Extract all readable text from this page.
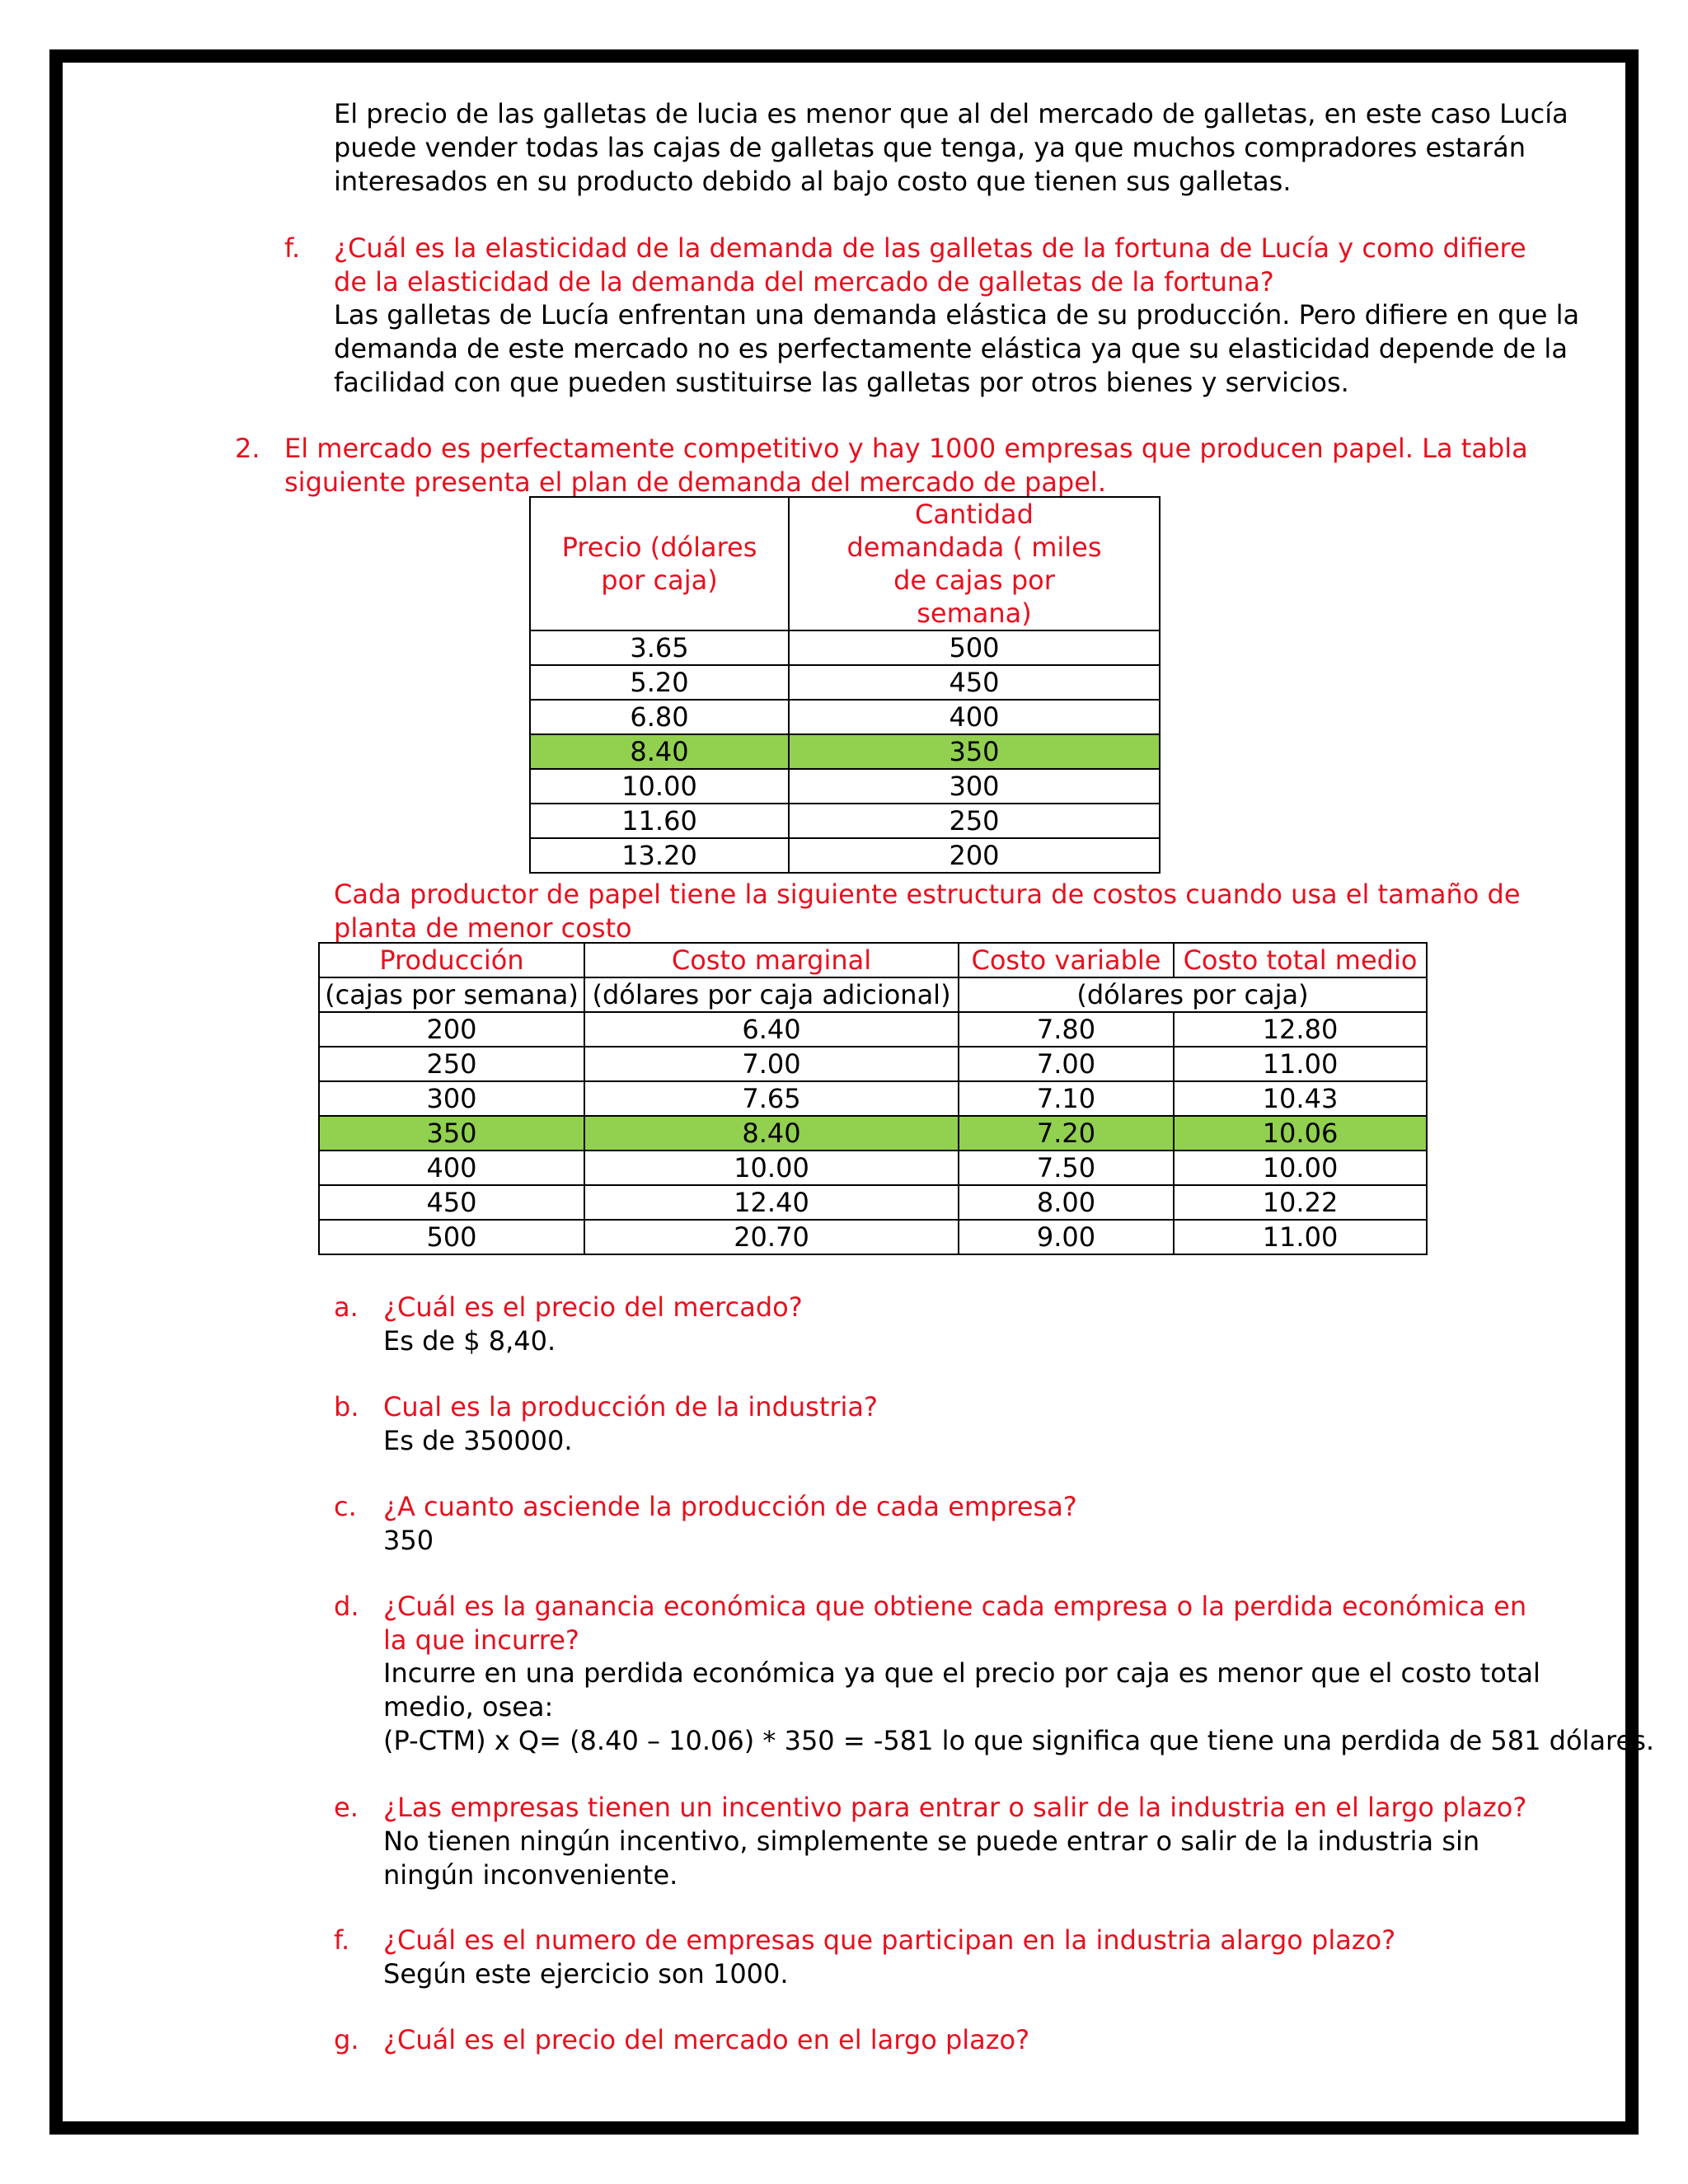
El precio de las galletas de lucia es menor que al del mercado de galletas, en este caso Lucía puede vender todas las cajas de galletas que tenga, ya que muchos compradores estarán interesados en su producto debido al bajo costo que tienen sus galletas.

f. ¿Cuál es la elasticidad de la demanda de las galletas de la fortuna de Lucía y como difiere de la elasticidad de la demanda del mercado de galletas de la fortuna?

Las galletas de Lucía enfrentan una demanda elástica de su producción. Pero difiere en que la demanda de este mercado no es perfectamente elástica ya que su elasticidad depende de la facilidad con que pueden sustituirse las galletas por otros bienes y servicios.

2. El mercado es perfectamente competitivo y hay 1000 empresas que producen papel. La tabla siguiente presenta el plan de demanda del mercado de papel.

Precio (dólares por caja)	Cantidad demandada ( miles de cajas por semana)

3.65	500
5.20	450
6.80	400
8.40	350
10.00	300
11.60	250
13.20	200

Cada productor de papel tiene la siguiente estructura de costos cuando usa el tamaño de planta de menor costo

Producción	Costo marginal	Costo variable	Costo total medio
(cajas por semana)	(dólares por caja adicional)	(dólares por caja)	
200	6.40	7.80	12.80
250	7.00	7.00	11.00
300	7.65	7.10	10.43
350	8.40	7.20	10.06
400	10.00	7.50	10.00
450	12.40	8.00	10.22
500	20.70	9.00	11.00
a. ¿Cuál es el precio del mercado?

Es de $ 8,40.

b. Cual es la producción de la industria?

Es de 350000.

c. ¿A cuanto asciende la producción de cada empresa?

350

d. ¿Cuál es la ganancia económica que obtiene cada empresa o la perdida económica en la que incurre?

Incurre en una perdida económica ya que el precio por caja es menor que el costo total medio, osea:

(P-CTM) x Q= (8.40 – 10.06) * 350 = -581 lo que significa que tiene una perdida de 581 dólares.

e. ¿Las empresas tienen un incentivo para entrar o salir de la industria en el largo plazo?

No tienen ningún incentivo, simplemente se puede entrar o salir de la industria sin ningún inconveniente.

f. ¿Cuál es el numero de empresas que participan en la industria alargo plazo?

Según este ejercicio son 1000.

g. ¿Cuál es el precio del mercado en el largo plazo?
